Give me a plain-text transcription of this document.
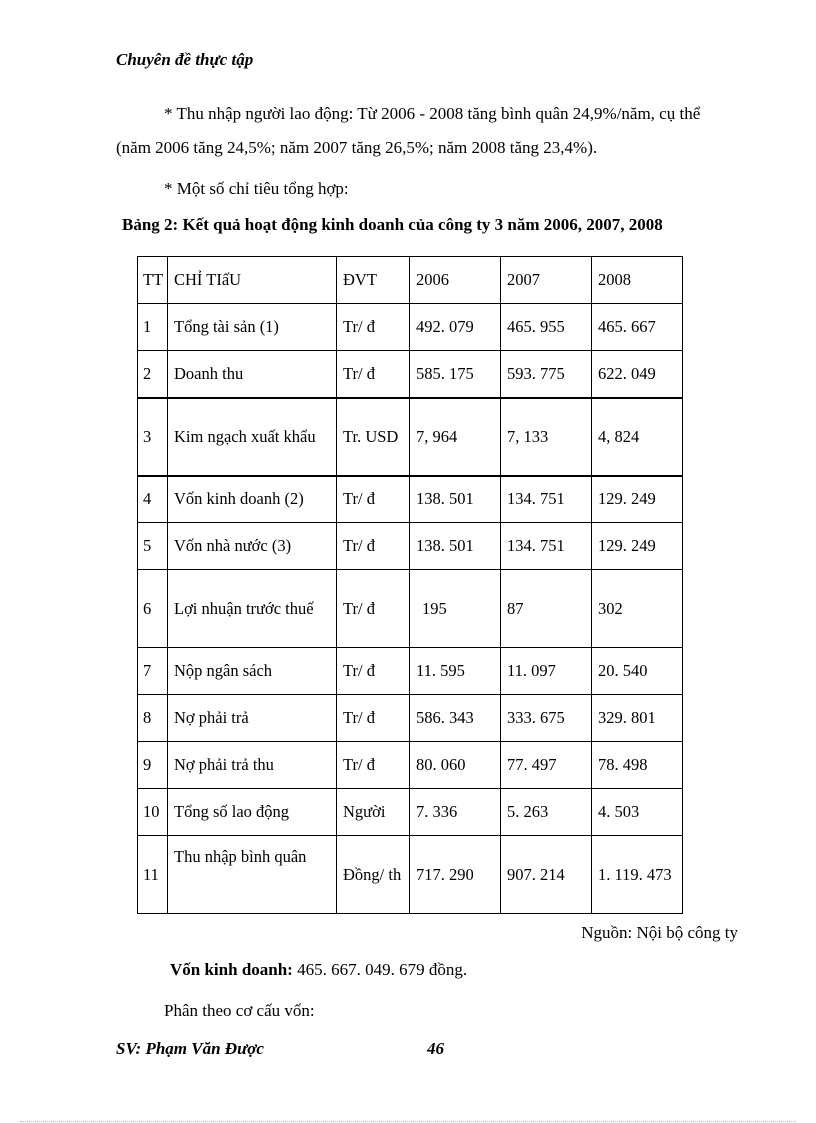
Chuyên đề thực tập
* Thu nhập người lao động: Từ 2006 - 2008 tăng bình quân 24,9%/năm, cụ thể (năm 2006 tăng 24,5%; năm 2007 tăng 26,5%; năm 2008 tăng 23,4%).
* Một số chỉ tiêu tổng hợp:
Bảng 2: Kết quả hoạt động kinh doanh của công ty 3 năm 2006, 2007, 2008
TT	CHỈ TIấU	ĐVT	2006	2007	2008
1	Tổng tài sản (1)	Tr/ đ	492. 079	465. 955	465. 667
2	Doanh thu	Tr/ đ	585. 175	593. 775	622. 049
3	Kim ngạch xuất khẩu	Tr. USD	7, 964	7, 133	4, 824
4	Vốn kinh doanh (2)	Tr/ đ	138. 501	134. 751	129. 249
5	Vốn nhà nước (3)	Tr/ đ	138. 501	134. 751	129. 249
6	Lợi nhuận trước thuế	Tr/ đ	195	87	302
7	Nộp ngân sách	Tr/ đ	11. 595	11. 097	20. 540
8	Nợ phải trả	Tr/ đ	586. 343	333. 675	329. 801
9	Nợ phải trả thu	Tr/ đ	80. 060	77. 497	78. 498
10	Tổng số lao động	Người	7. 336	5. 263	4. 503
11	Thu nhập bình quân	Đồng/ th	717. 290	907. 214	1. 119. 473
Nguồn: Nội bộ công ty
Vốn kinh doanh: 465. 667. 049. 679 đồng.
Phân theo cơ cấu vốn:
SV: Phạm Văn Được	46
